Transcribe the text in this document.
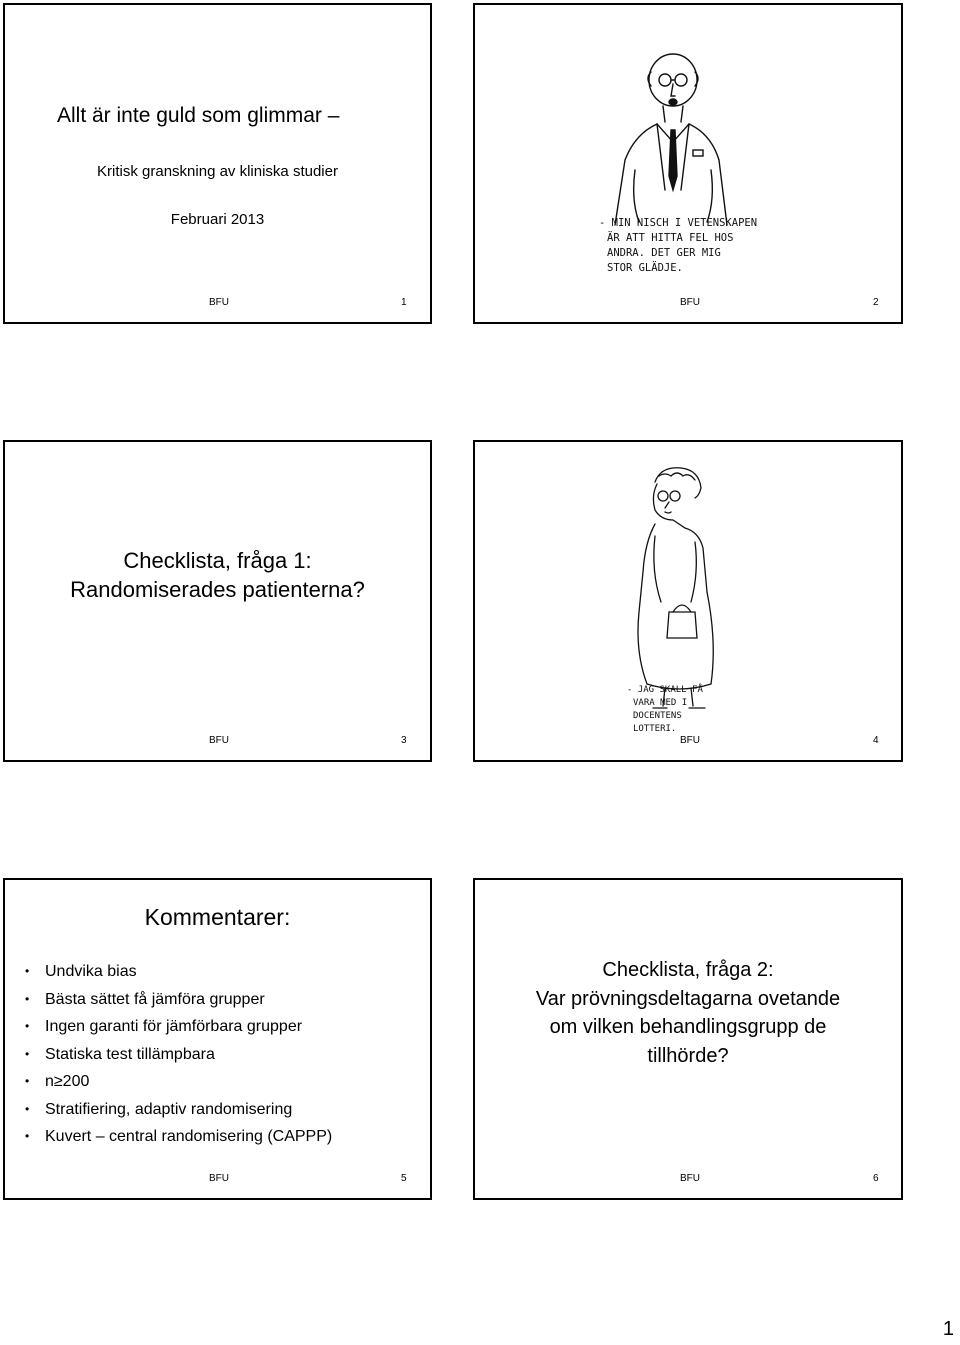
Allt är inte guld som glimmar –
Kritisk granskning av kliniska studier
Februari 2013
BFU	1
- MIN NISCH I VETENSKAPEN
ÄR ATT HITTA FEL HOS
ANDRA. DET GER MIG
STOR GLÄDJE.
BFU	2
Checklista, fråga 1:
Randomiserades patienterna?
BFU	3
- JAG SKALL FÅ
VARA MED I
DOCENTENS
LOTTERI.
BFU	4
Kommentarer:
• Undvika bias
• Bästa sättet få jämföra grupper
• Ingen garanti för jämförbara grupper
• Statiska test tillämpbara
• n≥200
• Stratifiering, adaptiv randomisering
• Kuvert – central randomisering (CAPPP)
BFU	5
Checklista, fråga 2:
Var prövningsdeltagarna ovetande
om vilken behandlingsgrupp de
tillhörde?
BFU	6
1
